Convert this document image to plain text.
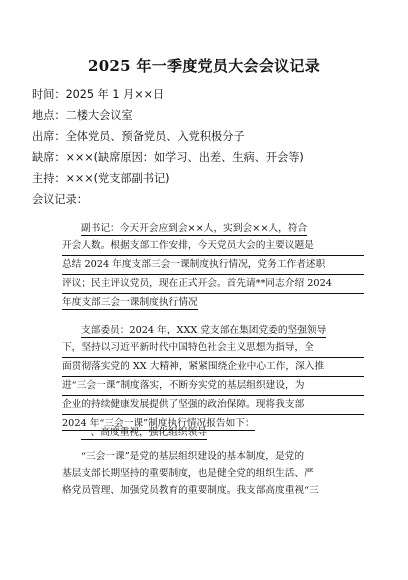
2025 年一季度党员大会会议记录
时间：2025 年 1 月××日
地点：二楼大会议室
出席：全体党员、预备党员、入党积极分子
缺席：×××(缺席原因：如学习、出差、生病、开会等)
主持：×××(党支部副书记)
会议记录：
副书记：今天开会应到会××人，实到会××人，符合
开会人数。根据支部工作安排，今天党员大会的主要议题是
总结 2024 年度支部三会一课制度执行情况，党务工作者述职
评议；民主评议党员，现在正式开会。首先请**同志介绍 2024
年度支部三会一课制度执行情况
支部委员：2024 年，XXX 党支部在集团党委的坚强领导
下，坚持以习近平新时代中国特色社会主义思想为指导，全
面贯彻落实党的 XX 大精神，紧紧围绕企业中心工作，深入推
进“三会一课”制度落实，不断夯实党的基层组织建设，为
企业的持续健康发展提供了坚强的政治保障。现将我支部
2024 年“三会一课”制度执行情况报告如下：
一、高度重视，强化组织领导
“三会一课”是党的基层组织建设的基本制度，是党的
基层支部长期坚持的重要制度，也是健全党的组织生活、严
格党员管理、加强党员教育的重要制度。我支部高度重视“三
